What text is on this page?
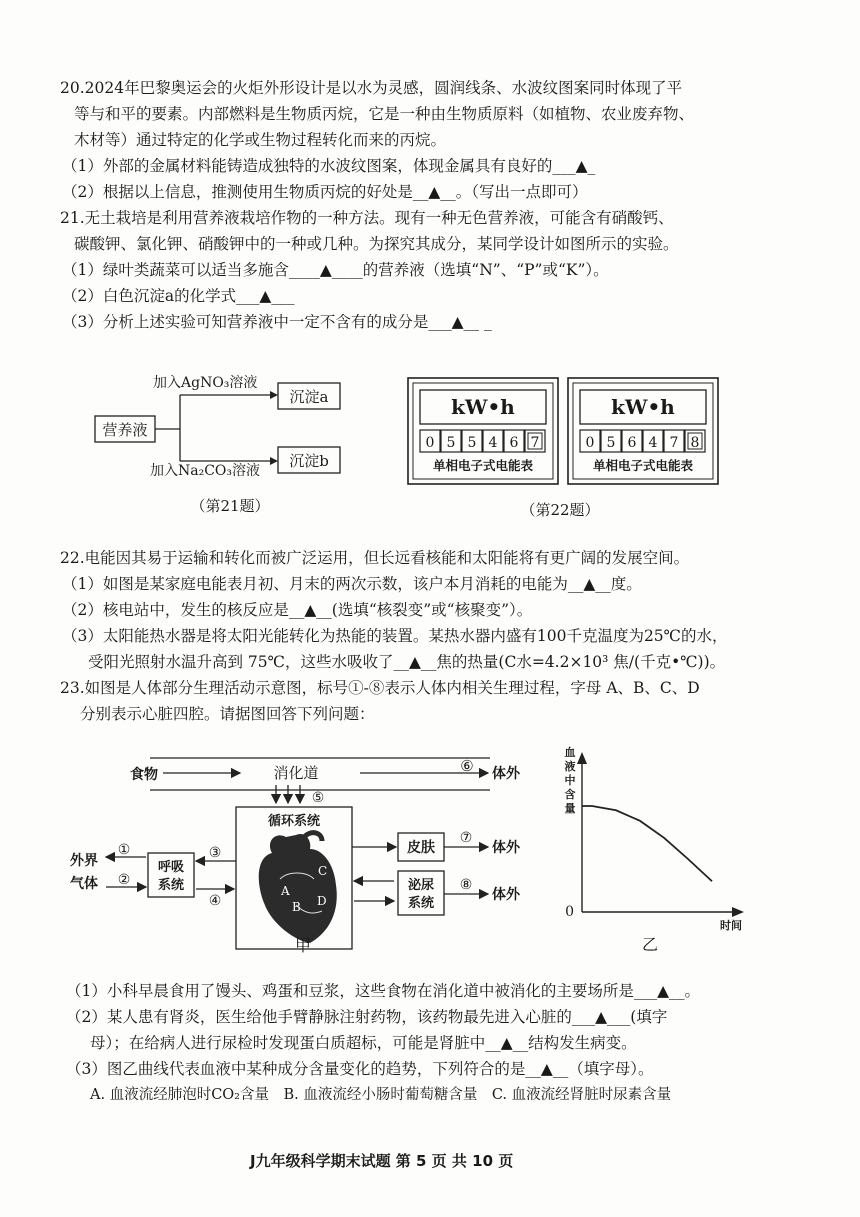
20.2024年巴黎奥运会的火炬外形设计是以水为灵感，圆润线条、水波纹图案同时体现了平
等与和平的要素。内部燃料是生物质丙烷，它是一种由生物质原料（如植物、农业废弃物、
木材等）通过特定的化学或生物过程转化而来的丙烷。
（1）外部的金属材料能铸造成独特的水波纹图案，体现金属具有良好的___▲_
（2）根据以上信息，推测使用生物质丙烷的好处是__▲__。（写出一点即可）
21.无土栽培是利用营养液栽培作物的一种方法。现有一种无色营养液，可能含有硝酸钙、
碳酸钾、氯化钾、硝酸钾中的一种或几种。为探究其成分，某同学设计如图所示的实验。
（1）绿叶类蔬菜可以适当多施含____▲____的营养液（选填“N”、“P”或“K”）。
（2）白色沉淀a的化学式___▲___
（3）分析上述实验可知营养液中一定不含有的成分是___▲__ _
营养液
加入AgNO₃溶液
加入Na₂CO₃溶液
沉淀a
沉淀b
（第21题）
kW•h
0 5 5 4 6 7
单相电子式电能表
kW•h
0 5 6 4 7 8
单相电子式电能表
（第22题）
22.电能因其易于运输和转化而被广泛运用，但长远看核能和太阳能将有更广阔的发展空间。
（1）如图是某家庭电能表月初、月末的两次示数，该户本月消耗的电能为__▲__度。
（2）核电站中，发生的核反应是__▲__(选填“核裂变”或“核聚变”）。
（3）太阳能热水器是将太阳光能转化为热能的装置。某热水器内盛有100千克温度为25℃的水，
受阳光照射水温升高到 75℃，这些水吸收了__▲__焦的热量(C水=4.2×10³ 焦/(千克•℃))。
23.如图是人体部分生理活动示意图，标号①-⑧表示人体内相关生理过程，字母 A、B、C、D
分别表示心脏四腔。请据图回答下列问题：
食物	消化道	⑥ 体外
⑤
循环系统
A
B
C
D
外界
气体
①
②
呼吸
系统
③
④
皮肤
⑦
体外
泌尿
系统
⑧
体外
甲
血
液
中
含
量
0
时间
乙
（1）小科早晨食用了馒头、鸡蛋和豆浆，这些食物在消化道中被消化的主要场所是___▲__。
（2）某人患有肾炎，医生给他手臂静脉注射药物，该药物最先进入心脏的___▲___(填字
母）；在给病人进行尿检时发现蛋白质超标，可能是肾脏中__▲__结构发生病变。
（3）图乙曲线代表血液中某种成分含量变化的趋势，下列符合的是__▲__（填字母）。
A. 血液流经肺泡时CO₂含量　B. 血液流经小肠时葡萄糖含量　C. 血液流经肾脏时尿素含量
J九年级科学期末试题 第 5 页 共 10 页
